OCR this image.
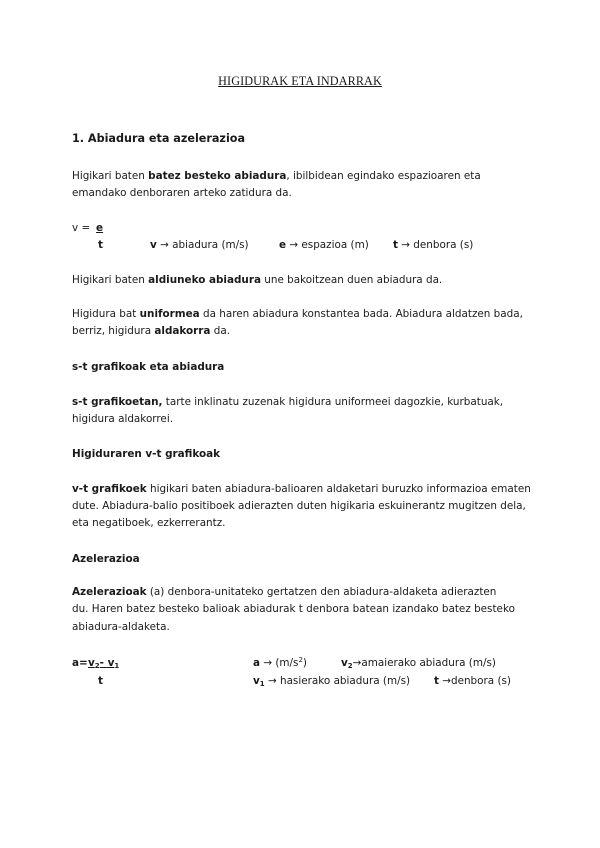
HIGIDURAK ETA INDARRAK
1. Abiadura eta azelerazioa
Higikari baten batez besteko abiadura, ibilbidean egindako espazioaren eta emandako denboraren arteko zatidura da.
v = e
t	v → abiadura (m/s)	e → espazioa (m) t → denbora (s)
Higikari baten aldiuneko abiadura une bakoitzean duen abiadura da.
Higidura bat uniformea da haren abiadura konstantea bada. Abiadura aldatzen bada, berriz, higidura aldakorra da.
s-t grafikoak eta abiadura
s-t grafikoetan, tarte inklinatu zuzenak higidura uniformeei dagozkie, kurbatuak, higidura aldakorrei.
Higiduraren v-t grafikoak
v-t grafikoek higikari baten abiadura-balioaren aldaketari buruzko informazioa ematen dute. Abiadura-balio positiboek adierazten duten higikaria eskuinerantz mugitzen dela, eta negatiboek, ezkerrerantz.
Azelerazioa
Azelerazioak (a) denbora-unitateko gertatzen den abiadura-aldaketa adierazten
du. Haren batez besteko balioak abiadurak t denbora batean izandako batez besteko
abiadura-aldaketa.
$a= v_2-$ $v_1$
t
$a \to (m/s^2)$	$v_2\to amaierako$ abiadura (m/s)
$v_1$ → hasierako abiadura (m/s) t →denbora (s)
